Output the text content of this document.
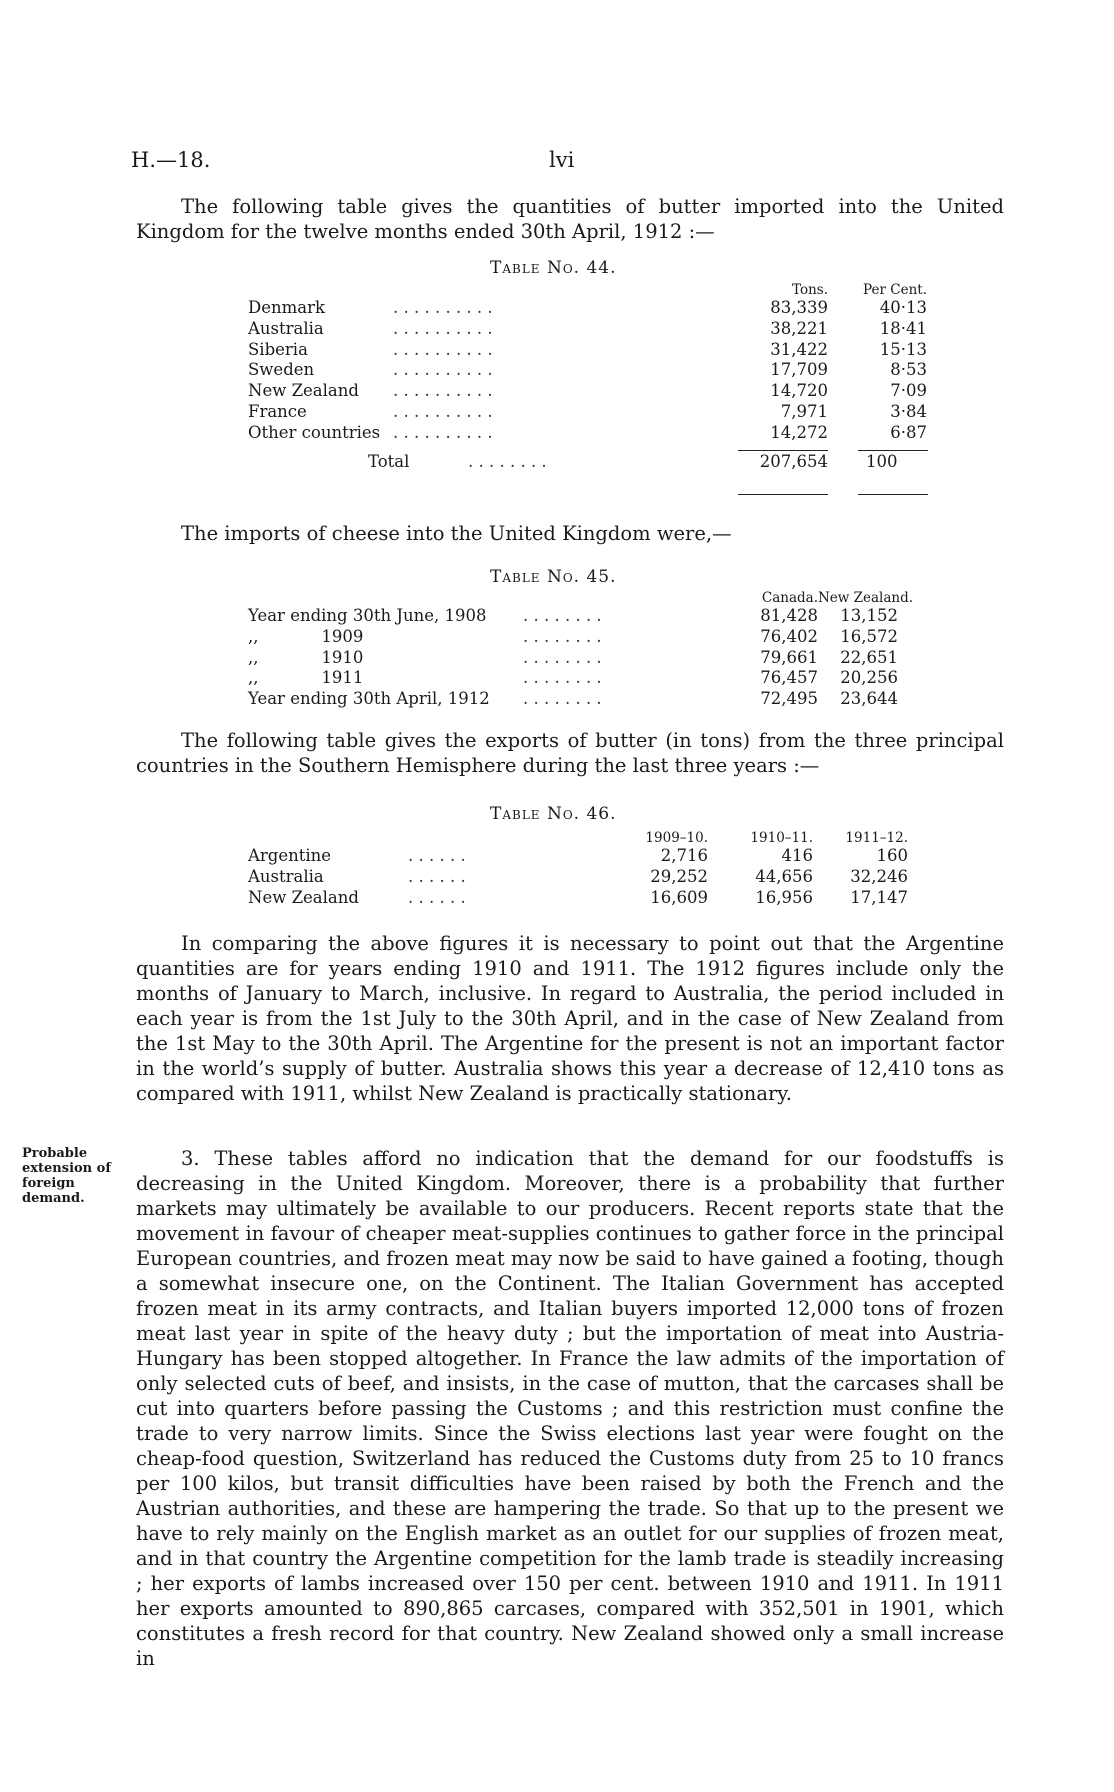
H.—18.	lvi
The following table gives the quantities of butter imported into the United Kingdom for the twelve months ended 30th April, 1912 :—
Table No. 44.
Tons.	Per Cent.
Denmark	. . . . . . . . . .	83,339	40·13
Australia	. . . . . . . . . .	38,221	18·41
Siberia	. . . . . . . . . .	31,422	15·13
Sweden	. . . . . . . . . .	17,709	8·53
New Zealand	. . . . . . . . . .	14,720	7·09
France	. . . . . . . . . .	7,971	3·84
Other countries . . . . . . . . . .	14,272	6·87
Total	. . . . . . . .	207,654 100
The imports of cheese into the United Kingdom were,—
Table No. 45.
Canada. New Zealand.
Year ending 30th June, 1908	. . . . . . . .	81,428	13,152
,,            1909	. . . . . . . .	76,402	16,572
,,            1910	. . . . . . . .	79,661	22,651
,,            1911	. . . . . . . .	76,457	20,256
Year ending 30th April, 1912	. . . . . . . .	72,495	23,644
The following table gives the exports of butter (in tons) from the three principal countries in the Southern Hemisphere during the last three years :—
Table No. 46.
1909–10.	1910–11.	1911–12.
Argentine	. . . . . .	2,716	416	160
Australia	. . . . . .	29,252	44,656	32,246
New Zealand	. . . . . .	16,609	16,956	17,147
In comparing the above figures it is necessary to point out that the Argentine quantities are for years ending 1910 and 1911. The 1912 figures include only the months of January to March, inclusive. In regard to Australia, the period included in each year is from the 1st July to the 30th April, and in the case of New Zealand from the 1st May to the 30th April. The Argentine for the present is not an important factor in the world’s supply of butter. Australia shows this year a decrease of 12,410 tons as compared with 1911, whilst New Zealand is practically stationary.
Probable extension of foreign demand.
3. These tables afford no indication that the demand for our foodstuffs is decreasing in the United Kingdom. Moreover, there is a probability that further markets may ultimately be available to our producers. Recent reports state that the movement in favour of cheaper meat-supplies continues to gather force in the principal European countries, and frozen meat may now be said to have gained a footing, though a somewhat insecure one, on the Continent. The Italian Government has accepted frozen meat in its army contracts, and Italian buyers imported 12,000 tons of frozen meat last year in spite of the heavy duty ; but the importation of meat into Austria-Hungary has been stopped altogether. In France the law admits of the importation of only selected cuts of beef, and insists, in the case of mutton, that the carcases shall be cut into quarters before passing the Customs ; and this restriction must confine the trade to very narrow limits. Since the Swiss elections last year were fought on the cheap-food question, Switzerland has reduced the Customs duty from 25 to 10 francs per 100 kilos, but transit difficulties have been raised by both the French and the Austrian authorities, and these are hampering the trade. So that up to the present we have to rely mainly on the English market as an outlet for our supplies of frozen meat, and in that country the Argentine competition for the lamb trade is steadily increasing ; her exports of lambs increased over 150 per cent. between 1910 and 1911. In 1911 her exports amounted to 890,865 carcases, compared with 352,501 in 1901, which constitutes a fresh record for that country. New Zealand showed only a small increase in
